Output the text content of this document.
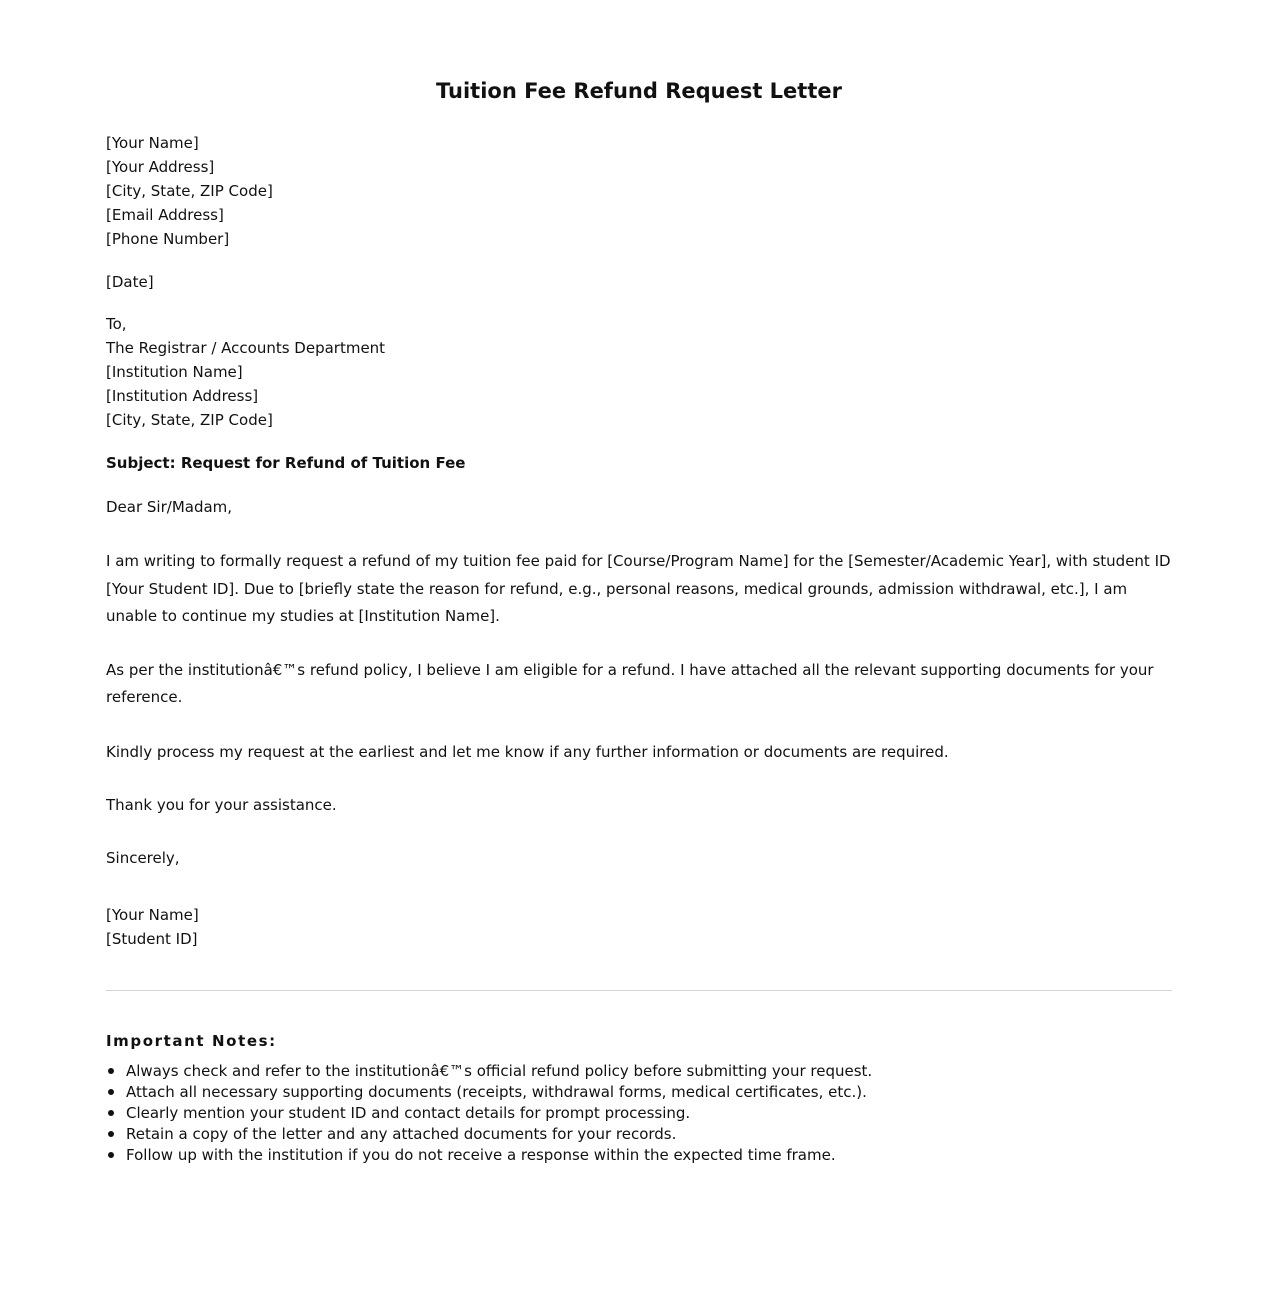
Tuition Fee Refund Request Letter
[Your Name]
[Your Address]
[City, State, ZIP Code]
[Email Address]
[Phone Number]
[Date]
To,
The Registrar / Accounts Department
[Institution Name]
[Institution Address]
[City, State, ZIP Code]
Subject: Request for Refund of Tuition Fee
Dear Sir/Madam,

I am writing to formally request a refund of my tuition fee paid for [Course/Program Name] for the [Semester/Academic Year], with student ID [Your Student ID]. Due to [briefly state the reason for refund, e.g., personal reasons, medical grounds, admission withdrawal, etc.], I am unable to continue my studies at [Institution Name].

As per the institutionâ€™s refund policy, I believe I am eligible for a refund. I have attached all the relevant supporting documents for your reference.

Kindly process my request at the earliest and let me know if any further information or documents are required.

Thank you for your assistance.

Sincerely,
[Your Name]
[Student ID]
Important Notes:
Always check and refer to the institutionâ€™s official refund policy before submitting your request.
Attach all necessary supporting documents (receipts, withdrawal forms, medical certificates, etc.).
Clearly mention your student ID and contact details for prompt processing.
Retain a copy of the letter and any attached documents for your records.
Follow up with the institution if you do not receive a response within the expected time frame.
